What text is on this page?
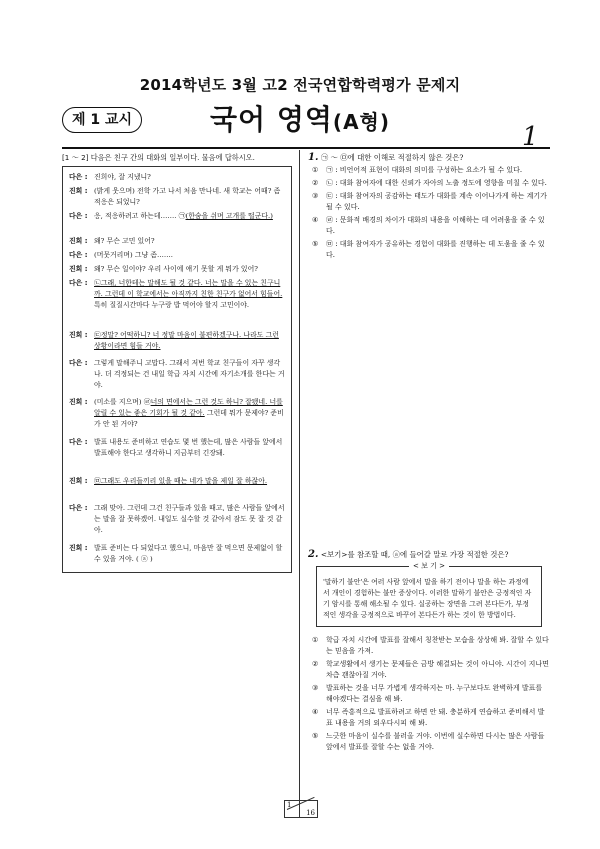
2014학년도 3월 고2 전국연합학력평가 문제지
제 1 교시	국어 영역(A형)	1
[1 ～ 2] 다음은 친구 간의 대화의 일부이다. 물음에 답하시오.
다은 : 진희야, 잘 지냈니?
진희 : (밝게 웃으며) 전학 가고 나서 처음 만나네. 새 학교는 어때? 좀 적응은 되었니?
다은 : 응, 적응하려고 하는데……. ㉠(한숨을 쉬며 고개를 떨군다.)
진희 : 왜? 무슨 고민 있어?
다은 : (머뭇거리며) 그냥 좀…….
진희 : 왜? 무슨 일이야? 우리 사이에 얘기 못할 게 뭐가 있어?
다은 : ㉡그래, 너한테는 말해도 될 것 같다. 너는 말을 수 있는 친구니까. 그런데 이 학교에서는 아직까지 친한 친구가 없어서 힘들어. 특히 질질시간마다 누구랑 밥 먹어야 할지 고민이야.
진희 : ㉢정말? 어떡하니? 너 정말 마음이 불편하겠구나. 나라도 그런 상황이라면 힘들 거야.
다은 : 그렇게 말해주니 고맙다. 그래서 저번 학교 친구들이 자꾸 생각나. 더 걱정되는 건 내일 학급 자치 시간에 자기소개를 한다는 거야.
진희 : (미소를 지으며) ㉣너의 면에서는 그런 것도 하니? 잘됐네. 너를 알릴 수 있는 좋은 기회가 될 것 같아. 그런데 뭐가 문제야? 준비가 안 된 거야?
다은 : 발표 내용도 준비하고 연습도 몇 번 했는데, 많은 사람들 앞에서 발표해야 한다고 생각하니 지금부터 긴장돼.
진희 : ㉤그래도 우리들끼리 있을 때는 네가 말을 제일 잘 하잖아.
다은 : 그래 맞아. 그런데 그건 친구들과 있을 때고, 많은 사람들 앞에서는 말을 잘 못하겠어. 내일도 실수할 것 같아서 잠도 못 잘 것 같아.
진희 : 발표 준비는 다 되었다고 했으니, 마음만 잘 먹으면 문제없이 할 수 있을 거야. ( ⓐ )
1. ㉠ ～ ㉤에 대한 이해로 적절하지 않은 것은?
① ㉠ : 비언어적 표현이 대화의 의미를 구성하는 요소가 될 수 있다.
② ㉡ : 대화 참여자에 대한 신뢰가 자아의 노출 정도에 영향을 미칠 수 있다.
③ ㉢ : 대화 참여자의 공감하는 태도가 대화를 계속 이어나가게 하는 계기가 될 수 있다.
④ ㉣ : 문화적 배경의 차이가 대화의 내용을 이해하는 데 어려움을 줄 수 있다.
⑤ ㉤ : 대화 참여자가 공유하는 경험이 대화를 진행하는 데 도움을 줄 수 있다.
2. <보기>를 참조할 때, ⓐ에 들어갈 말로 가장 적절한 것은?
< 보 기 >
'말하기 불안'은 여러 사람 앞에서 말을 하기 전이나 말을 하는 과정에서 개인이 경험하는 불안 증상이다. 이러한 말하기 불안은 긍정적인 자기 암시를 통해 해소될 수 있다. 실공하는 장면을 그려 본다든가, 부정적인 생각을 긍정적으로 바꾸어 본다든가 하는 것이 한 방법이다.
① 학급 자치 시간에 발표를 잘해서 칭찬받는 모습을 상상해 봐. 잘할 수 있다는 믿음을 가져.
② 학교생활에서 생기는 문제들은 금방 해결되는 것이 아니야. 시간이 지나면 차츰 괜찮아질 거야.
③ 발표하는 것을 너무 가볍게 생각하지는 마. 누구보다도 완벽하게 발표를 해야겠다는 결심을 해 봐.
④ 너무 즉흥적으로 발표하려고 하면 안 돼. 충분하게 연습하고 준비해서 발표 내용을 거의 외우다시피 해 봐.
⑤ 느긋한 마음이 실수를 불러올 거야. 이번에 실수하면 다시는 많은 사람들 앞에서 발표를 잘할 수는 없을 거야.
1
16
